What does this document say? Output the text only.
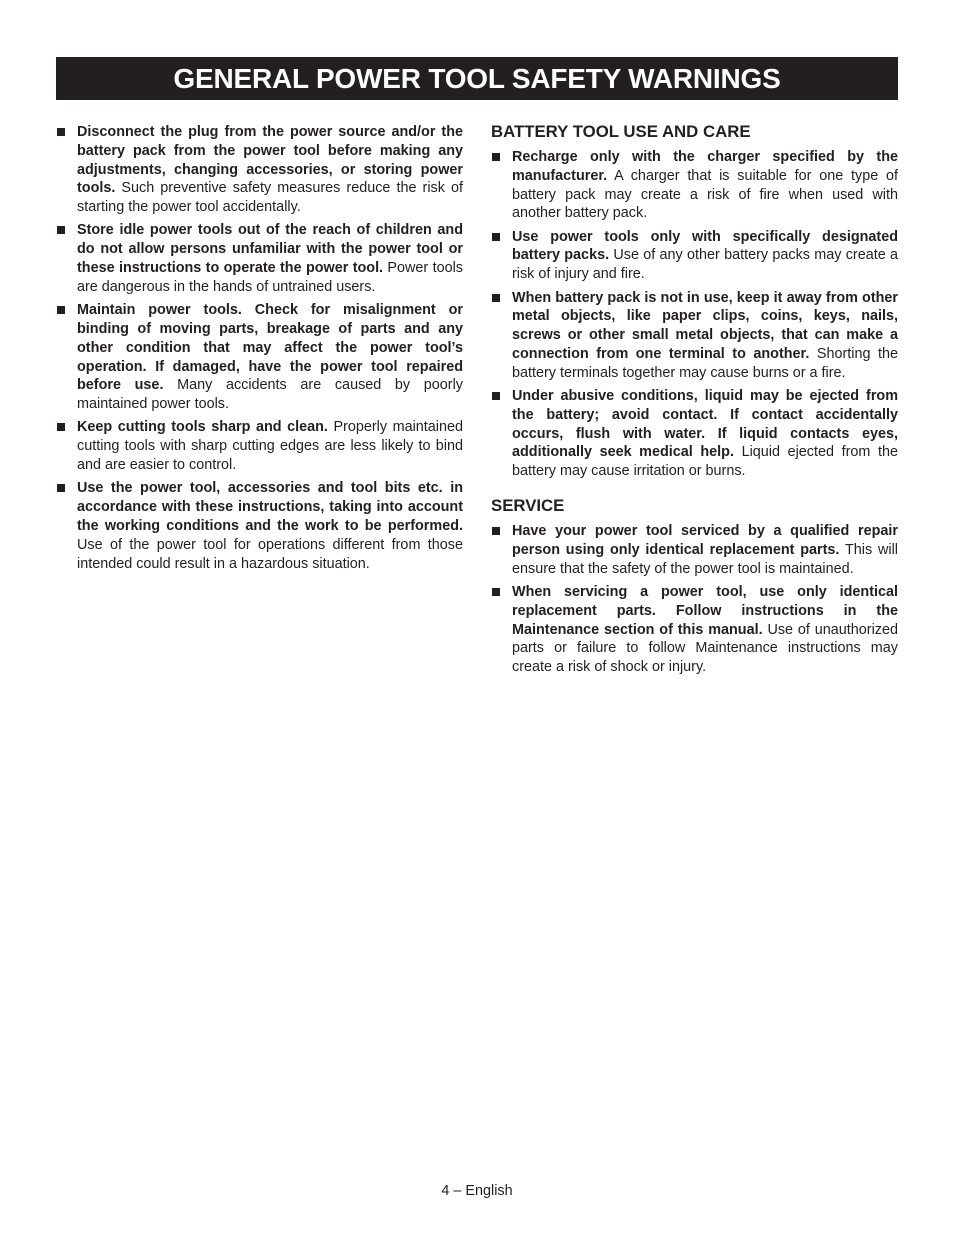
GENERAL POWER TOOL SAFETY WARNINGS
Disconnect the plug from the power source and/or the battery pack from the power tool before making any adjustments, changing accessories, or storing power tools. Such preventive safety measures reduce the risk of starting the power tool accidentally.
Store idle power tools out of the reach of children and do not allow persons unfamiliar with the power tool or these instructions to operate the power tool. Power tools are dangerous in the hands of untrained users.
Maintain power tools. Check for misalignment or binding of moving parts, breakage of parts and any other condition that may affect the power tool’s operation. If damaged, have the power tool repaired before use. Many accidents are caused by poorly maintained power tools.
Keep cutting tools sharp and clean. Properly maintained cutting tools with sharp cutting edges are less likely to bind and are easier to control.
Use the power tool, accessories and tool bits etc. in accordance with these instructions, taking into account the working conditions and the work to be performed. Use of the power tool for operations different from those intended could result in a hazardous situation.
BATTERY TOOL USE AND CARE
Recharge only with the charger specified by the manufacturer. A charger that is suitable for one type of battery pack may create a risk of fire when used with another battery pack.
Use power tools only with specifically designated battery packs. Use of any other battery packs may create a risk of injury and fire.
When battery pack is not in use, keep it away from other metal objects, like paper clips, coins, keys, nails, screws or other small metal objects, that can make a connection from one terminal to another. Shorting the battery terminals together may cause burns or a fire.
Under abusive conditions, liquid may be ejected from the battery; avoid contact. If contact accidentally occurs, flush with water. If liquid contacts eyes, additionally seek medical help. Liquid ejected from the battery may cause irritation or burns.
SERVICE
Have your power tool serviced by a qualified repair person using only identical replacement parts. This will ensure that the safety of the power tool is maintained.
When servicing a power tool, use only identical replacement parts. Follow instructions in the Maintenance section of this manual. Use of unauthorized parts or failure to follow Maintenance instructions may create a risk of shock or injury.
4 – English
